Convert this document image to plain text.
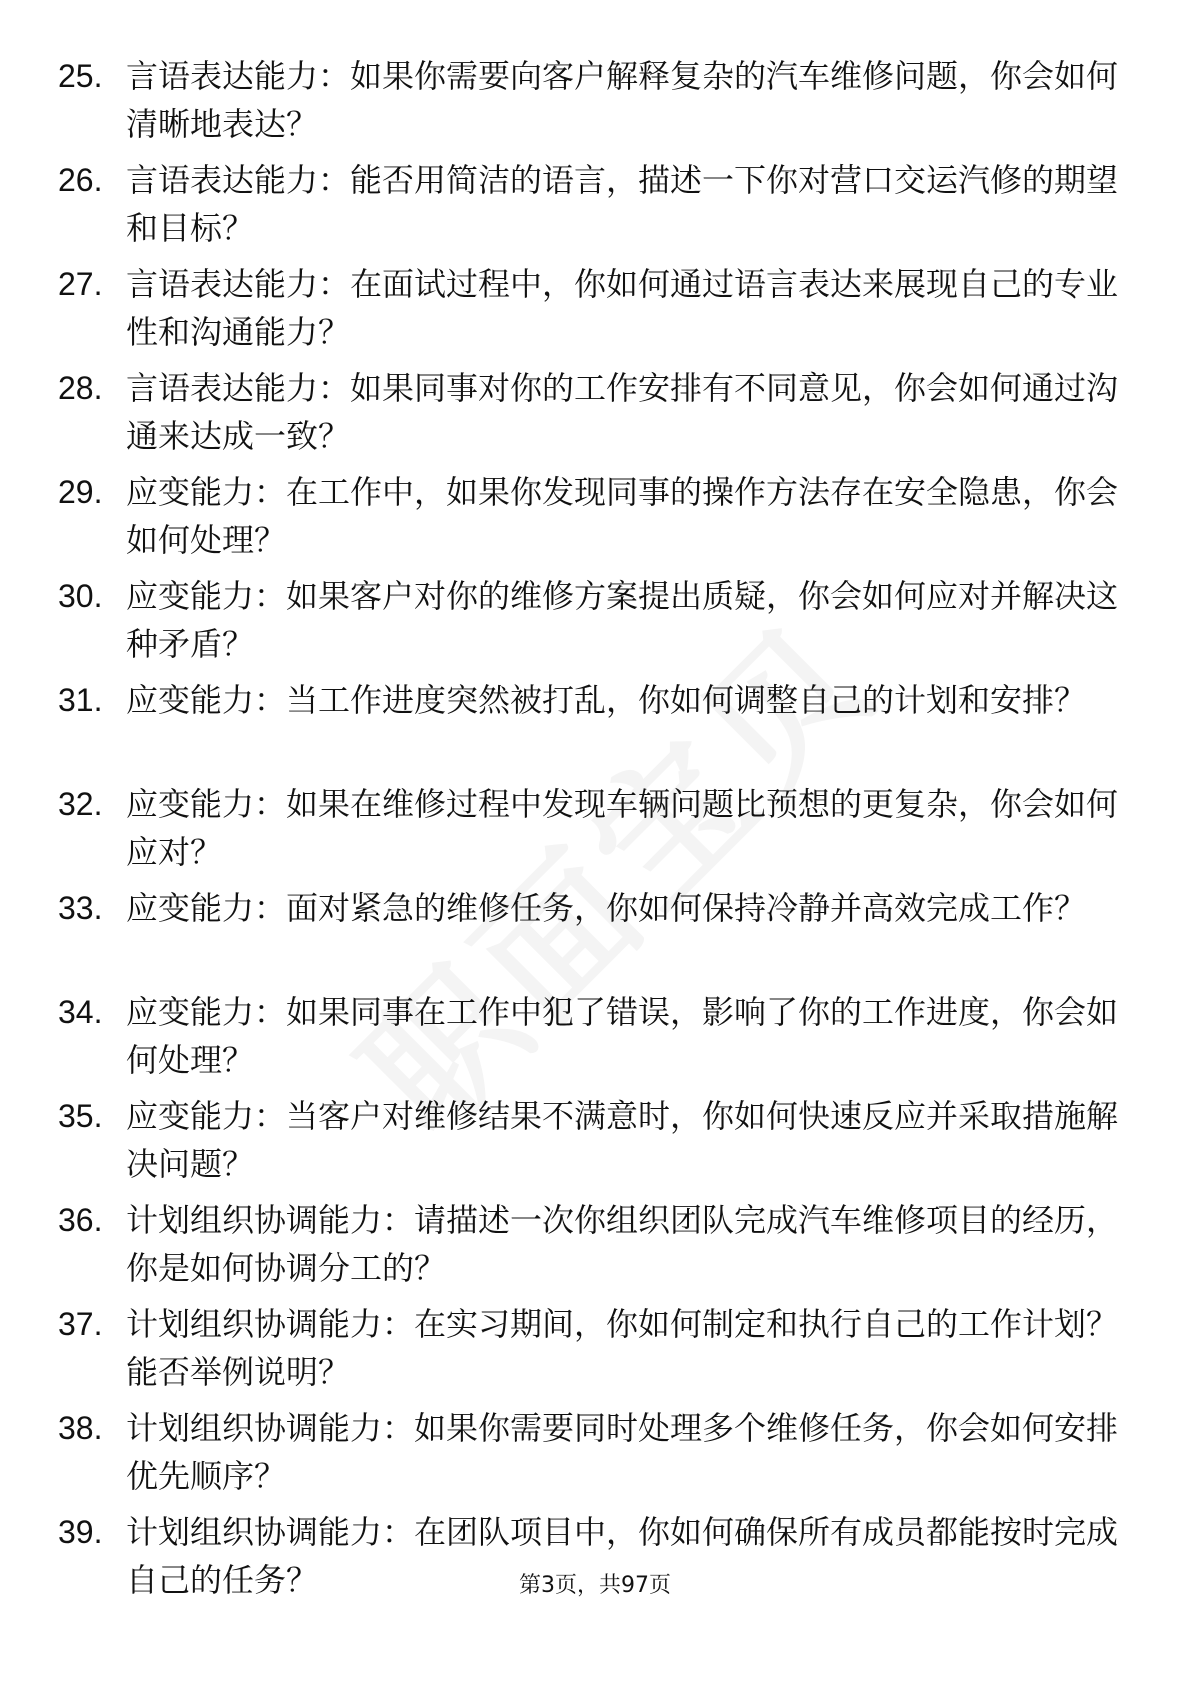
25. 言语表达能力：如果你需要向客户解释复杂的汽车维修问题，你会如何清晰地表达？
26. 言语表达能力：能否用简洁的语言，描述一下你对营口交运汽修的期望和目标？
27. 言语表达能力：在面试过程中，你如何通过语言表达来展现自己的专业性和沟通能力？
28. 言语表达能力：如果同事对你的工作安排有不同意见，你会如何通过沟通来达成一致？
29. 应变能力：在工作中，如果你发现同事的操作方法存在安全隐患，你会如何处理？
30. 应变能力：如果客户对你的维修方案提出质疑，你会如何应对并解决这种矛盾？
31. 应变能力：当工作进度突然被打乱，你如何调整自己的计划和安排？
32. 应变能力：如果在维修过程中发现车辆问题比预想的更复杂，你会如何应对？
33. 应变能力：面对紧急的维修任务，你如何保持冷静并高效完成工作？
34. 应变能力：如果同事在工作中犯了错误，影响了你的工作进度，你会如何处理？
35. 应变能力：当客户对维修结果不满意时，你如何快速反应并采取措施解决问题？
36. 计划组织协调能力：请描述一次你组织团队完成汽车维修项目的经历，你是如何协调分工的？
37. 计划组织协调能力：在实习期间，你如何制定和执行自己的工作计划？能否举例说明？
38. 计划组织协调能力：如果你需要同时处理多个维修任务，你会如何安排优先顺序？
39. 计划组织协调能力：在团队项目中，你如何确保所有成员都能按时完成自己的任务？	第3页，共97页
